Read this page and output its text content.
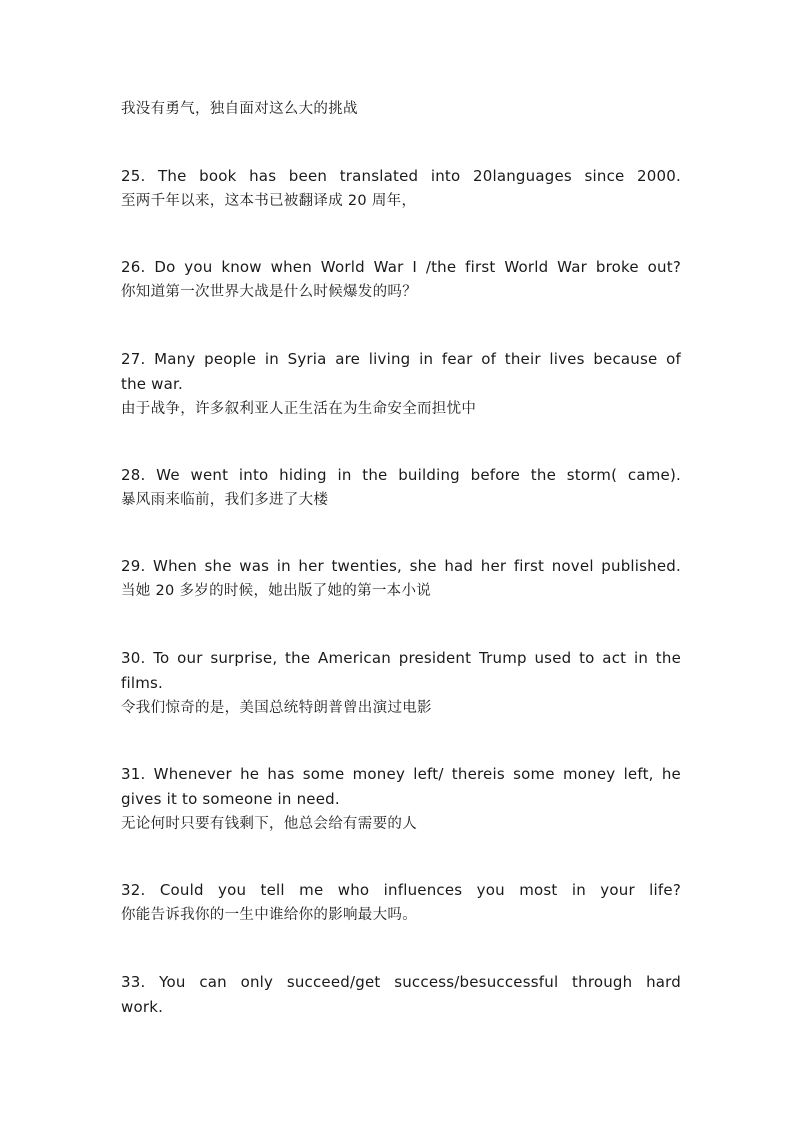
我没有勇气，独自面对这么大的挑战

25. The book has been translated into 20languages since 2000.

至两千年以来，这本书已被翻译成 20 周年，

26. Do you know when World War I /the first World War broke out?

你知道第一次世界大战是什么时候爆发的吗？

27. Many people in Syria are living in fear of their lives because of

the war.

由于战争，许多叙利亚人正生活在为生命安全而担忧中

28. We went into hiding in the building before the storm( came).

暴风雨来临前，我们多进了大楼

29. When she was in her twenties, she had her first novel published.

当她 20 多岁的时候，她出版了她的第一本小说

30. To our surprise, the American president Trump used to act in the

films.

令我们惊奇的是，美国总统特朗普曾出演过电影

31. Whenever he has some money left/ thereis some money left, he

gives it to someone in need.

无论何时只要有钱剩下，他总会给有需要的人

32. Could you tell me who influences you most in your life?

你能告诉我你的一生中谁给你的影响最大吗。

33. You can only succeed/get success/besuccessful through hard

work.
